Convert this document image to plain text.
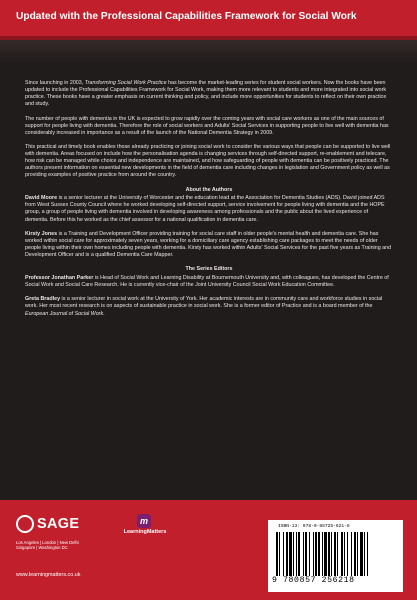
Updated with the Professional Capabilities Framework for Social Work

Since launching in 2003, Transforming Social Work Practice has become the market-leading series for student social workers. Now the books have been updated to include the Professional Capabilities Framework for Social Work, making them more relevant to students and more integrated into social work practice. These books have a greater emphasis on current thinking and policy, and include more opportunities for students to reflect on their own practice and study.

The number of people with dementia in the UK is expected to grow rapidly over the coming years with social care workers as one of the main sources of support for people living with dementia. Therefore the role of social workers and Adults' Social Services in supporting people to live well with dementia has considerably increased in importance as a result of the launch of the National Dementia Strategy in 2009.

This practical and timely book enables those already practicing or joining social work to consider the various ways that people can be supported to live well with dementia. Areas focused on include how the personalisation agenda is changing services through self-directed support, re-enablement and telecare, how risk can be managed while choice and independence are maintained, and how safeguarding of people with dementia can be positively practiced. The authors present information on essential new developments in the field of dementia care including changes in legislation and Government policy as well as providing examples of positive practice from around the country.

About the Authors

David Moore is a senior lecturer at the University of Worcester and the education lead at the Association for Dementia Studies (ADS). David joined ADS from West Sussex County Council where he worked developing self-directed support, service involvement for people living with dementia and the HOPE group, a group of people living with dementia involved in developing awareness among professionals and the public about the lived experience of dementia. Before this he worked as the chief assessor for a national qualification in dementia care.

Kirsty Jones is a Training and Development Officer providing training for social care staff in older people's mental health and dementia care. She has worked within social care for approximately seven years, working for a domiciliary care agency establishing care packages to meet the needs of older people living within their own homes including people with dementia. Kirsty has worked within Adults' Social Services for the past five years as Training and Development Officer and is a qualified Dementia Care Mapper.

The Series Editors

Professor Jonathan Parker is Head of Social Work and Learning Disability at Bournemouth University and, with colleagues, has developed the Centre of Social Work and Social Care Research. He is currently vice-chair of the Joint University Council Social Work Education Committee.

Greta Bradley is a senior lecturer in social work at the University of York. Her academic interests are in community care and workforce studies in social work. Her most recent research is on aspects of sustainable practice in social work. She is a former editor of Practice and is a board member of the European Journal of Social Work.

SAGE	m
LearningMatters
Los Angeles | London | New Delhi
Singapore | Washington DC
www.learningmatters.co.uk
ISBN-13: 978-0-85725-621-8
9 780857 256218
